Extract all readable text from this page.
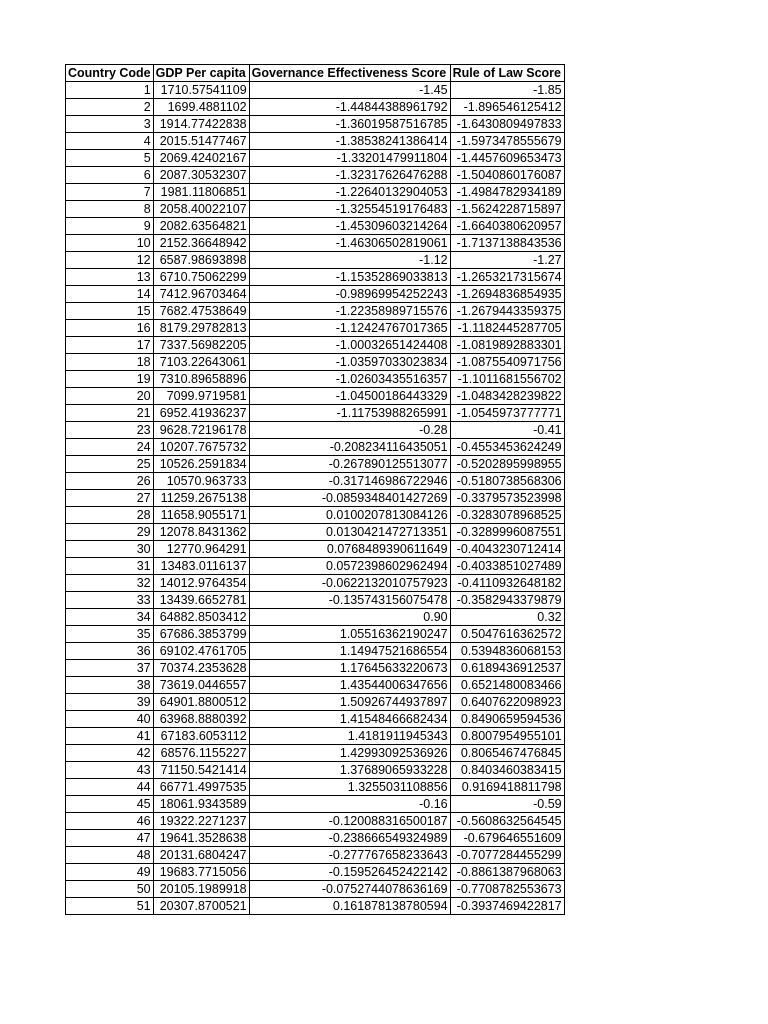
Country Code	GDP Per capita	Governance Effectiveness Score	Rule of Law Score
1	1710.57541109	-1.45	-1.85
2	1699.4881102	-1.44844388961792	-1.896546125412
3	1914.77422838	-1.36019587516785	-1.6430809497833
4	2015.51477467	-1.38538241386414	-1.5973478555679
5	2069.42402167	-1.33201479911804	-1.4457609653473
6	2087.30532307	-1.32317626476288	-1.5040860176087
7	1981.11806851	-1.22640132904053	-1.4984782934189
8	2058.40022107	-1.32554519176483	-1.5624228715897
9	2082.63564821	-1.45309603214264	-1.6640380620957
10	2152.36648942	-1.46306502819061	-1.7137138843536
12	6587.98693898	-1.12	-1.27
13	6710.75062299	-1.15352869033813	-1.2653217315674
14	7412.96703464	-0.98969954252243	-1.2694836854935
15	7682.47538649	-1.22358989715576	-1.2679443359375
16	8179.29782813	-1.12424767017365	-1.1182445287705
17	7337.56982205	-1.00032651424408	-1.0819892883301
18	7103.22643061	-1.03597033023834	-1.0875540971756
19	7310.89658896	-1.02603435516357	-1.1011681556702
20	7099.9719581	-1.04500186443329	-1.0483428239822
21	6952.41936237	-1.11753988265991	-1.0545973777771
23	9628.72196178	-0.28	-0.41
24	10207.7675732	-0.208234116435051	-0.4553453624249
25	10526.2591834	-0.267890125513077	-0.5202895998955
26	10570.963733	-0.317146986722946	-0.5180738568306
27	11259.2675138	-0.0859348401427269	-0.3379573523998
28	11658.9055171	0.0100207813084126	-0.3283078968525
29	12078.8431362	0.0130421472713351	-0.3289996087551
30	12770.964291	0.0768489390611649	-0.4043230712414
31	13483.0116137	0.0572398602962494	-0.4033851027489
32	14012.9764354	-0.0622132010757923	-0.4110932648182
33	13439.6652781	-0.135743156075478	-0.3582943379879
34	64882.8503412	0.90	0.32
35	67686.3853799	1.05516362190247	0.5047616362572
36	69102.4761705	1.14947521686554	0.5394836068153
37	70374.2353628	1.17645633220673	0.6189436912537
38	73619.0446557	1.43544006347656	0.6521480083466
39	64901.8800512	1.50926744937897	0.6407622098923
40	63968.8880392	1.41548466682434	0.8490659594536
41	67183.6053112	1.4181911945343	0.8007954955101
42	68576.1155227	1.42993092536926	0.8065467476845
43	71150.5421414	1.37689065933228	0.8403460383415
44	66771.4997535	1.3255031108856	0.9169418811798
45	18061.9343589	-0.16	-0.59
46	19322.2271237	-0.120088316500187	-0.5608632564545
47	19641.3528638	-0.238666549324989	-0.679646551609
48	20131.6804247	-0.277767658233643	-0.7077284455299
49	19683.7715056	-0.159526452422142	-0.8861387968063
50	20105.1989918	-0.0752744078636169	-0.7708782553673
51	20307.8700521	0.161878138780594	-0.3937469422817
